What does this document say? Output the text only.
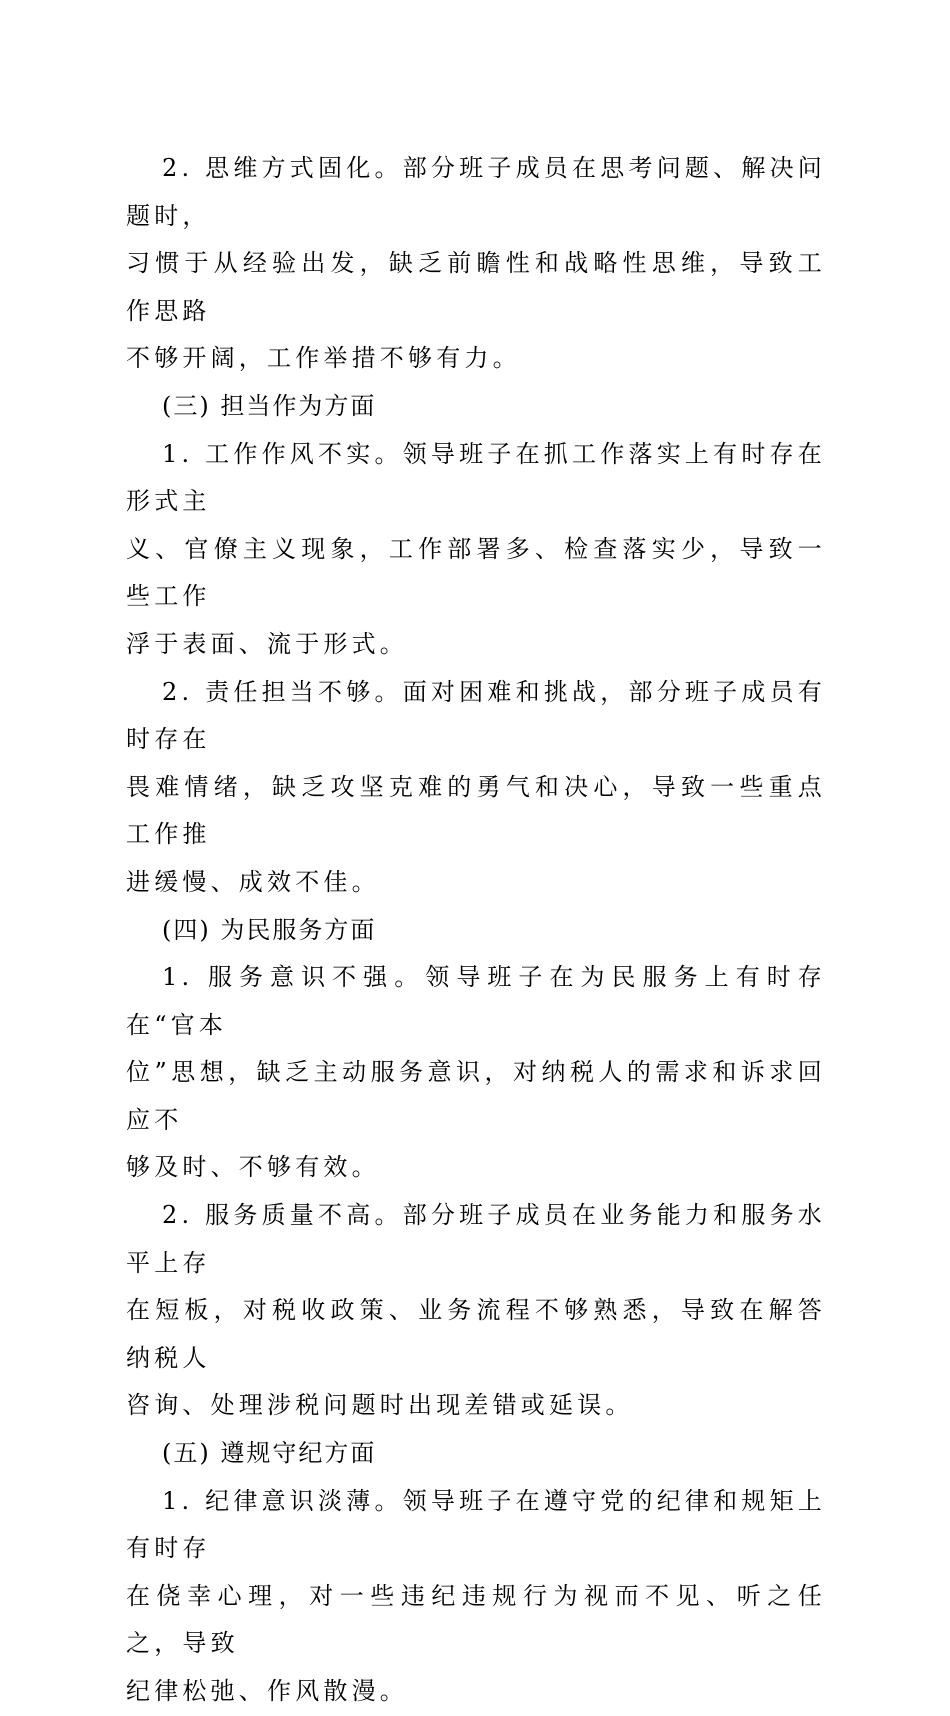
2. 思维方式固化。部分班子成员在思考问题、解决问题时，
习惯于从经验出发，缺乏前瞻性和战略性思维，导致工作思路
不够开阔，工作举措不够有力。

(三) 担当作为方面

1. 工作作风不实。领导班子在抓工作落实上有时存在形式主
义、官僚主义现象，工作部署多、检查落实少，导致一些工作
浮于表面、流于形式。

2. 责任担当不够。面对困难和挑战，部分班子成员有时存在
畏难情绪，缺乏攻坚克难的勇气和决心，导致一些重点工作推
进缓慢、成效不佳。

(四) 为民服务方面

1. 服务意识不强。领导班子在为民服务上有时存在“官本
位”思想，缺乏主动服务意识，对纳税人的需求和诉求回应不
够及时、不够有效。

2. 服务质量不高。部分班子成员在业务能力和服务水平上存
在短板，对税收政策、业务流程不够熟悉，导致在解答纳税人
咨询、处理涉税问题时出现差错或延误。

(五) 遵规守纪方面

1. 纪律意识淡薄。领导班子在遵守党的纪律和规矩上有时存
在侥幸心理，对一些违纪违规行为视而不见、听之任之，导致
纪律松弛、作风散漫。
